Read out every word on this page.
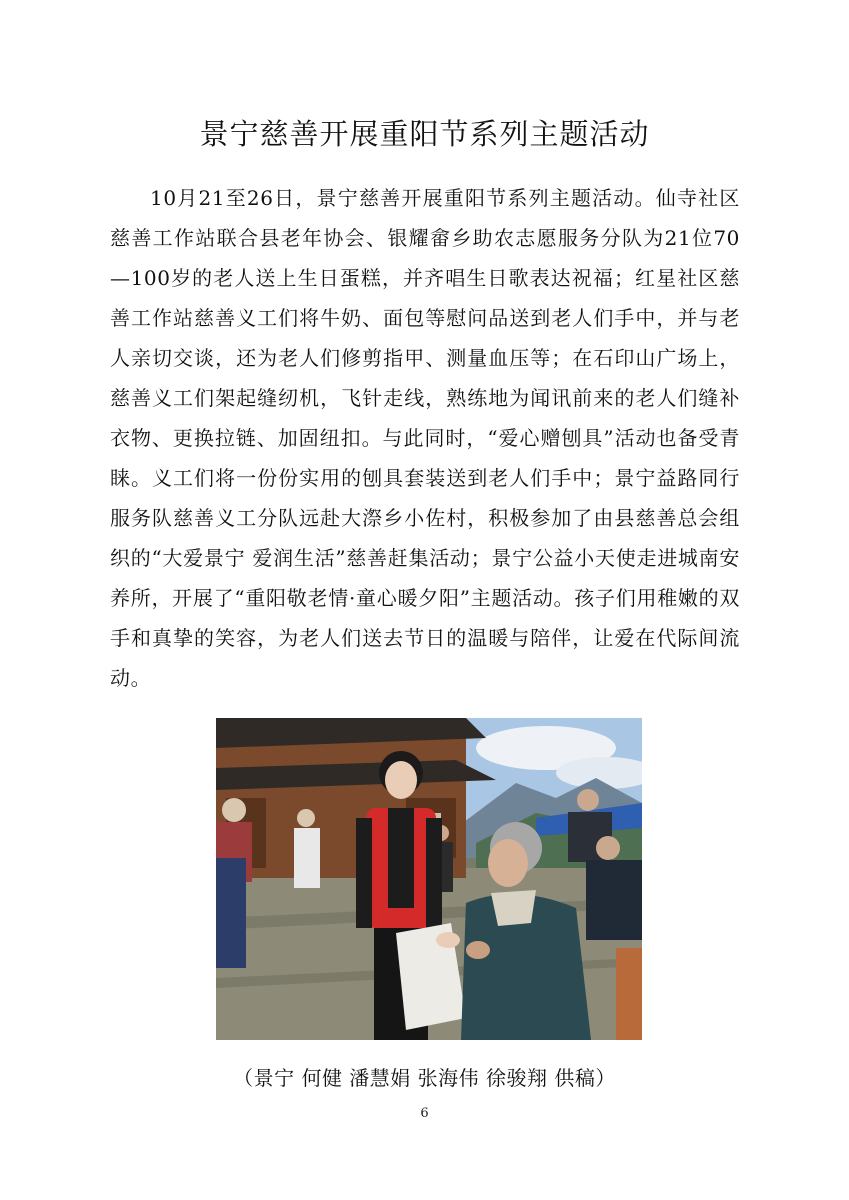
景宁慈善开展重阳节系列主题活动

10月21至26日，景宁慈善开展重阳节系列主题活动。仙寺社区慈善工作站联合县老年协会、银耀畲乡助农志愿服务分队为21位70—100岁的老人送上生日蛋糕，并齐唱生日歌表达祝福；红星社区慈善工作站慈善义工们将牛奶、面包等慰问品送到老人们手中，并与老人亲切交谈，还为老人们修剪指甲、测量血压等；在石印山广场上，慈善义工们架起缝纫机，飞针走线，熟练地为闻讯前来的老人们缝补衣物、更换拉链、加固纽扣。与此同时，“爱心赠刨具”活动也备受青睐。义工们将一份份实用的刨具套装送到老人们手中；景宁益路同行服务队慈善义工分队远赴大漈乡小佐村，积极参加了由县慈善总会组织的“大爱景宁 爱润生活”慈善赶集活动；景宁公益小天使走进城南安养所，开展了“重阳敬老情·童心暖夕阳”主题活动。孩子们用稚嫩的双手和真挚的笑容，为老人们送去节日的温暖与陪伴，让爱在代际间流动。

（景宁 何健 潘慧娟 张海伟 徐骏翔 供稿）
6
